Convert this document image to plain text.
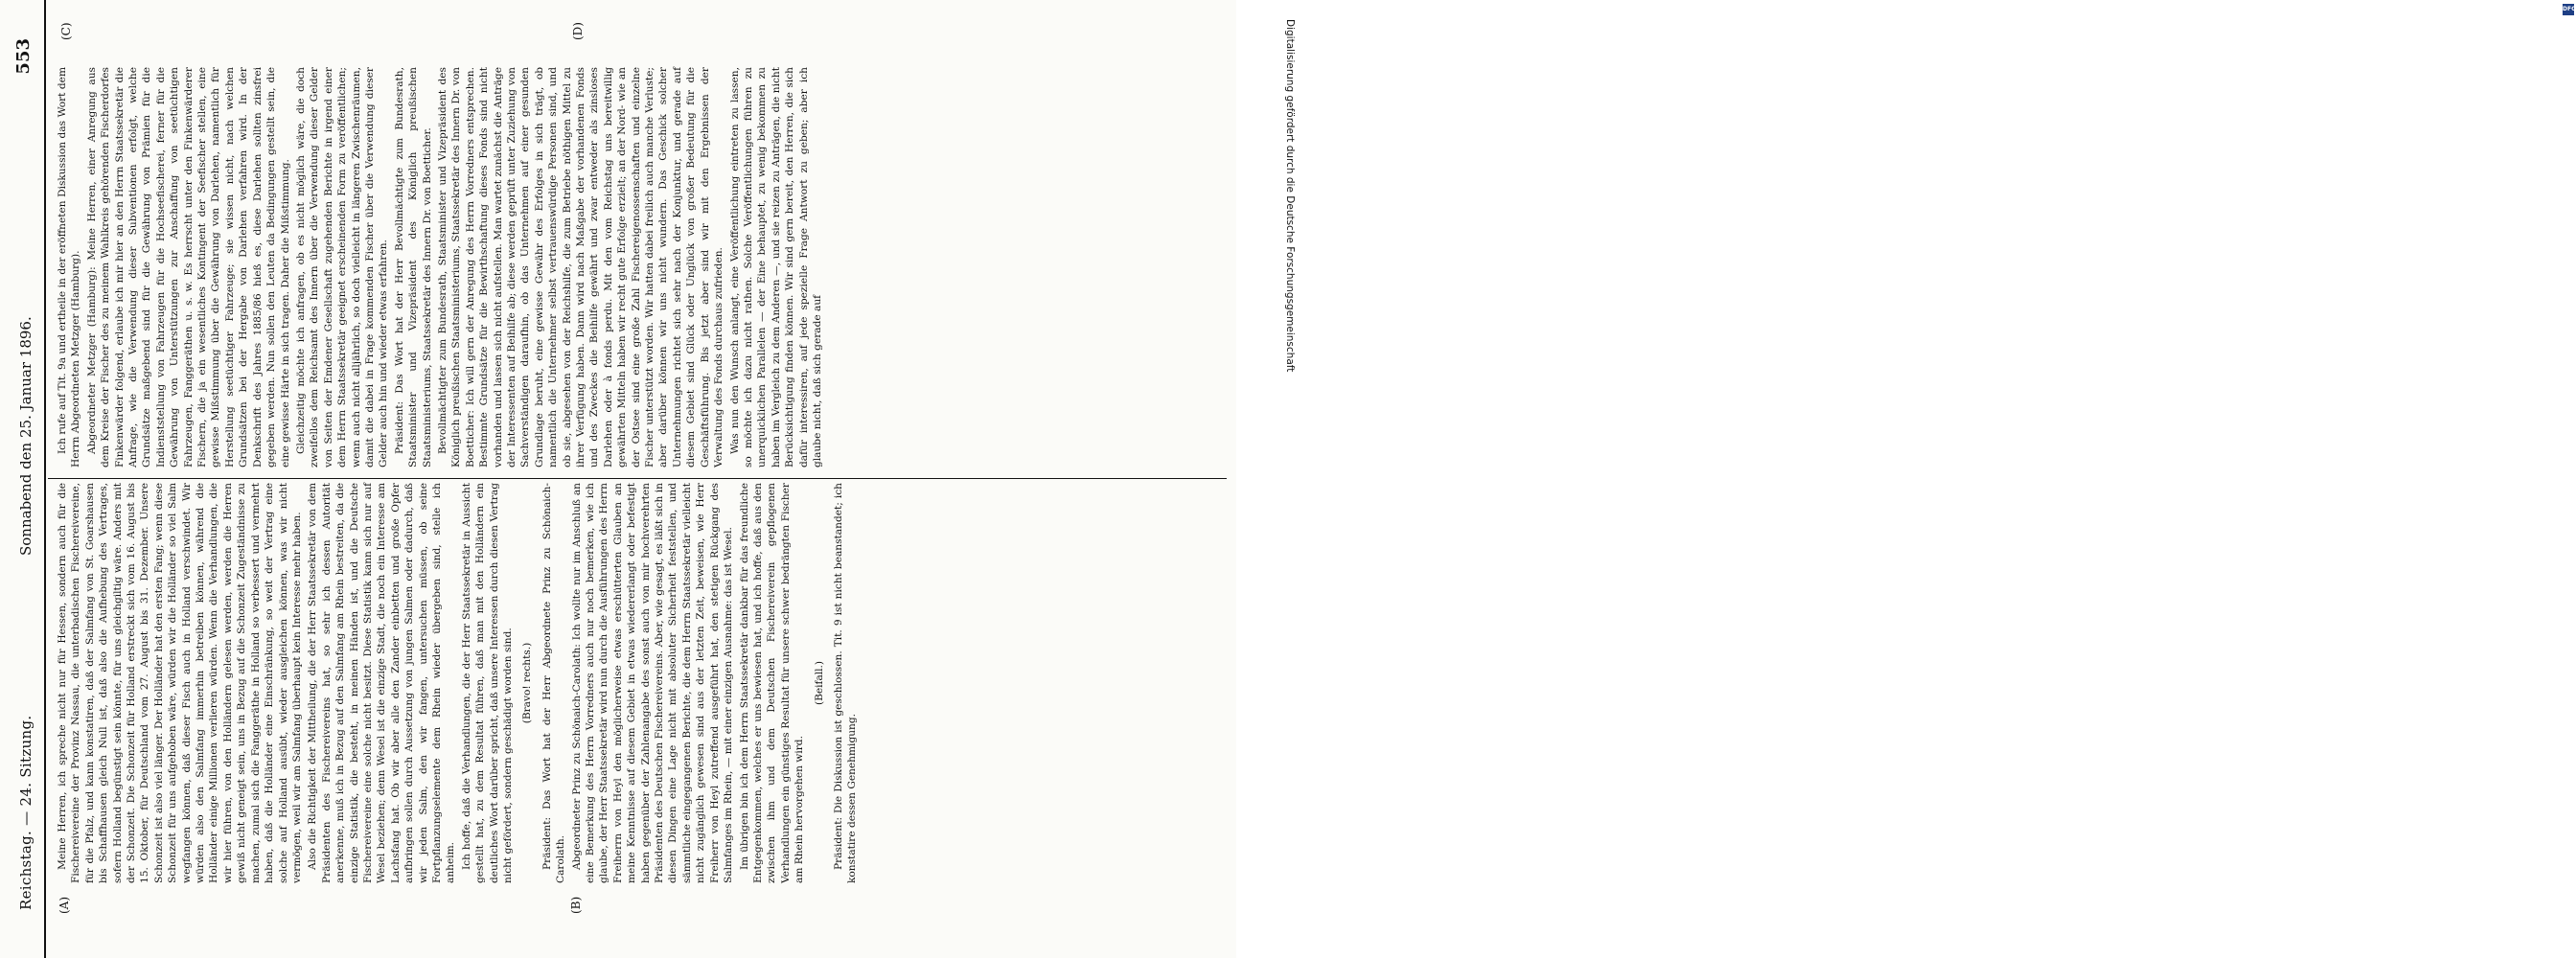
Reichstag. — 24. Sitzung.
Sonnabend den 25. Januar 1896.
553
(A)	(B)
(C)	(D)

Meine Herren, ich spreche nicht nur für Hessen, sondern auch für die Fischereivereine der Provinz Nassau, die unterbadischen Fischereivereine, für die Pfalz, und kann konstatiren, daß der Salmfang von St. Goarshausen bis Schaffhausen gleich Null ist, daß also die Aufhebung des Vertrages, sofern Holland begünstigt sein könnte, für uns gleichgiltig wäre. Anders mit der Schonzeit. Die Schonzeit für Holland erstreckt sich vom 16. August bis 15. Oktober, für Deutschland vom 27. August bis 31. Dezember. Unsere Schonzeit ist also viel länger. Der Holländer hat den ersten Fang; wenn diese Schonzeit für uns aufgehoben wäre, würden wir die Holländer so viel Salm wegfangen können, daß dieser Fisch auch in Holland verschwindet. Wir würden also den Salmfang immerhin betreiben können, während die Holländer einige Millionen verlieren würden. Wenn die Verhandlungen, die wir hier führen, von den Holländern gelesen werden, werden die Herren gewiß nicht geneigt sein, uns in Bezug auf die Schonzeit Zugeständnisse zu machen, zumal sich die Fanggeräthe in Holland so verbessert und vermehrt haben, daß die Holländer eine Einschränkung, so weit der Vertrag eine solche auf Holland ausübt, wieder ausgleichen können, was wir nicht vermögen, weil wir am Salmfang überhaupt kein Interesse mehr haben. Also die Richtigkeit der Mittheilung, die der Herr Staatssekretär von dem Präsidenten des Fischereivereins hat, so sehr ich dessen Autorität anerkenne, muß ich in Bezug auf den Salmfang am Rhein bestreiten, da die einzige Statistik, die besteht, in meinen Händen ist, und die Deutsche Fischereivereine eine solche nicht besitzt. Diese Statistik kann sich nur auf Wesel beziehen; denn Wesel ist die einzige Stadt, die noch ein Interesse am Lachsfang hat. Ob wir aber alle den Zander einbetten und große Opfer aufbringen sollen durch Aussetzung von jungen Salmen oder dadurch, daß wir jeden Salm, den wir fangen, untersuchen müssen, ob seine Fortpflanzungselemente dem Rhein wieder übergeben sind, stelle ich anheim. Ich hoffe, daß die Verhandlungen, die der Herr Staatssekretär in Aussicht gestellt hat, zu dem Resultat führen, daß man mit den Holländern ein deutliches Wort darüber spricht, daß unsere Interessen durch diesen Vertrag nicht gefördert, sondern geschädigt worden sind. (Bravo! rechts.) Präsident: Das Wort hat der Herr Abgeordnete Prinz zu Schönaich-Carolath. Abgeordneter Prinz zu Schönaich-Carolath: Ich wollte nur im Anschluß an eine Bemerkung des Herrn Vorredners auch nur noch bemerken, wie ich glaube, der Herr Staatssekretär wird nun durch die Ausführungen des Herrn Freiherrn von Heyl den möglicherweise etwas erschütterten Glauben an meine Kenntnisse auf diesem Gebiet in etwas wiedererlangt oder befestigt haben gegenüber der Zahlenangabe des sonst auch von mir hochverehrten Präsidenten des Deutschen Fischereivereins. Aber, wie gesagt, es läßt sich in diesen Dingen eine Lage nicht mit absoluter Sicherheit feststellen, und sämmtliche eingegangenen Berichte, die dem Herrn Staatssekretär vielleicht nicht zugänglich gewesen sind aus der letzten Zeit, beweisen, wie Herr Freiherr von Heyl zutreffend ausgeführt hat, den stetigen Rückgang des Salmfanges im Rhein, — mit einer einzigen Ausnahme: das ist Wesel. Im übrigen bin ich dem Herrn Staatssekretär dankbar für das freundliche Entgegenkommen, welches er uns bewiesen hat, und ich hoffe, daß aus den zwischen ihm und dem Deutschen Fischereiverein gepflogenen Verhandlungen ein günstiges Resultat für unsere schwer bedrängten Fischer am Rhein hervorgehen wird.

(Beifall.) Präsident: Die Diskussion ist geschlossen. Tit. 9 ist nicht beanstandet; ich konstatire dessen Genehmigung.

Ich rufe auf Tit. 9a und ertheile in der eröffneten Diskussion das Wort dem Herrn Abgeordneten Metzger (Hamburg). Abgeordneter Metzger (Hamburg): Meine Herren, einer Anregung aus dem Kreise der Fischer des zu meinem Wahlkreis gehörenden Fischerdorfes Finkenwärder folgend, erlaube ich mir hier an den Herrn Staatssekretär die Anfrage, wie die Verwendung dieser Subventionen erfolgt, welche Grundsätze maßgebend sind für die Gewährung von Prämien für die Indienststellung von Fahrzeugen für die Hochseefischerei, ferner für die Gewährung von Unterstützungen zur Anschaffung von seetüchtigen Fahrzeugen, Fanggeräthen u. s. w. Es herrscht unter den Finkenwärderer Fischern, die ja ein wesentliches Kontingent der Seefischer stellen, eine gewisse Mißstimmung über die Gewährung von Darlehen, namentlich für Herstellung seetüchtiger Fahrzeuge; sie wissen nicht, nach welchen Grundsätzen bei der Hergabe von Darlehen verfahren wird. In der Denkschrift des Jahres 1885/86 hieß es, diese Darlehen sollten zinsfrei gegeben werden. Nun sollen den Leuten da Bedingungen gestellt sein, die eine gewisse Härte in sich tragen. Daher die Mißstimmung. Gleichzeitig möchte ich anfragen, ob es nicht möglich wäre, die doch zweifellos dem Reichsamt des Innern über die Verwendung dieser Gelder von Seiten der Emdener Gesellschaft zugehenden Berichte in irgend einer dem Herrn Staatssekretär geeignet erscheinenden Form zu veröffentlichen; wenn auch nicht alljährlich, so doch vielleicht in längeren Zwischenräumen, damit die dabei in Frage kommenden Fischer über die Verwendung dieser Gelder auch hin und wieder etwas erfahren. Präsident: Das Wort hat der Herr Bevollmächtigte zum Bundesrath, Staatsminister und Vizepräsident des Königlich preußischen Staatsministeriums, Staatssekretär des Innern Dr. von Boetticher. Bevollmächtigter zum Bundesrath, Staatsminister und Vizepräsident des Königlich preußischen Staatsministeriums, Staatssekretär des Innern Dr. von Boetticher: Ich will gern der Anregung des Herrn Vorredners entsprechen. Bestimmte Grundsätze für die Bewirthschaftung dieses Fonds sind nicht vorhanden und lassen sich nicht aufstellen. Man wartet zunächst die Anträge der Interessenten auf Beihilfe ab; diese werden geprüft unter Zuziehung von Sachverständigen daraufhin, ob das Unternehmen auf einer gesunden Grundlage beruht, eine gewisse Gewähr des Erfolges in sich trägt, ob namentlich die Unternehmer selbst vertrauenswürdige Personen sind, und ob sie, abgesehen von der Reichshilfe, die zum Betriebe nöthigen Mittel zu ihrer Verfügung haben. Dann wird nach Maßgabe der vorhandenen Fonds und des Zweckes die Beihilfe gewährt und zwar entweder als zinsloses Darlehen oder à fonds perdu. Mit den vom Reichstag uns bereitwillig gewährten Mitteln haben wir recht gute Erfolge erzielt; an der Nord- wie an der Ostsee sind eine große Zahl Fischereigenossenschaften und einzelne Fischer unterstützt worden. Wir hatten dabei freilich auch manche Verluste; aber darüber können wir uns nicht wundern. Das Geschick solcher Unternehmungen richtet sich sehr nach der Konjunktur, und gerade auf diesem Gebiet sind Glück oder Unglück von großer Bedeutung für die Geschäftsführung. Bis jetzt aber sind wir mit den Ergebnissen der Verwaltung des Fonds durchaus zufrieden. Was nun den Wunsch anlangt, eine Veröffentlichung eintreten zu lassen, so möchte ich dazu nicht rathen. Solche Veröffentlichungen führen zu unerquicklichen Parallelen — der Eine behauptet, zu wenig bekommen zu haben im Vergleich zu dem Anderen —, und sie reizen zu Anträgen, die nicht Berücksichtigung finden können. Wir sind gern bereit, den Herren, die sich dafür interessiren, auf jede spezielle Frage Antwort zu geben; aber ich glaube nicht, daß sich gerade auf

DFG
Digitalisierung gefördert durch die Deutsche Forschungsgemeinschaft
